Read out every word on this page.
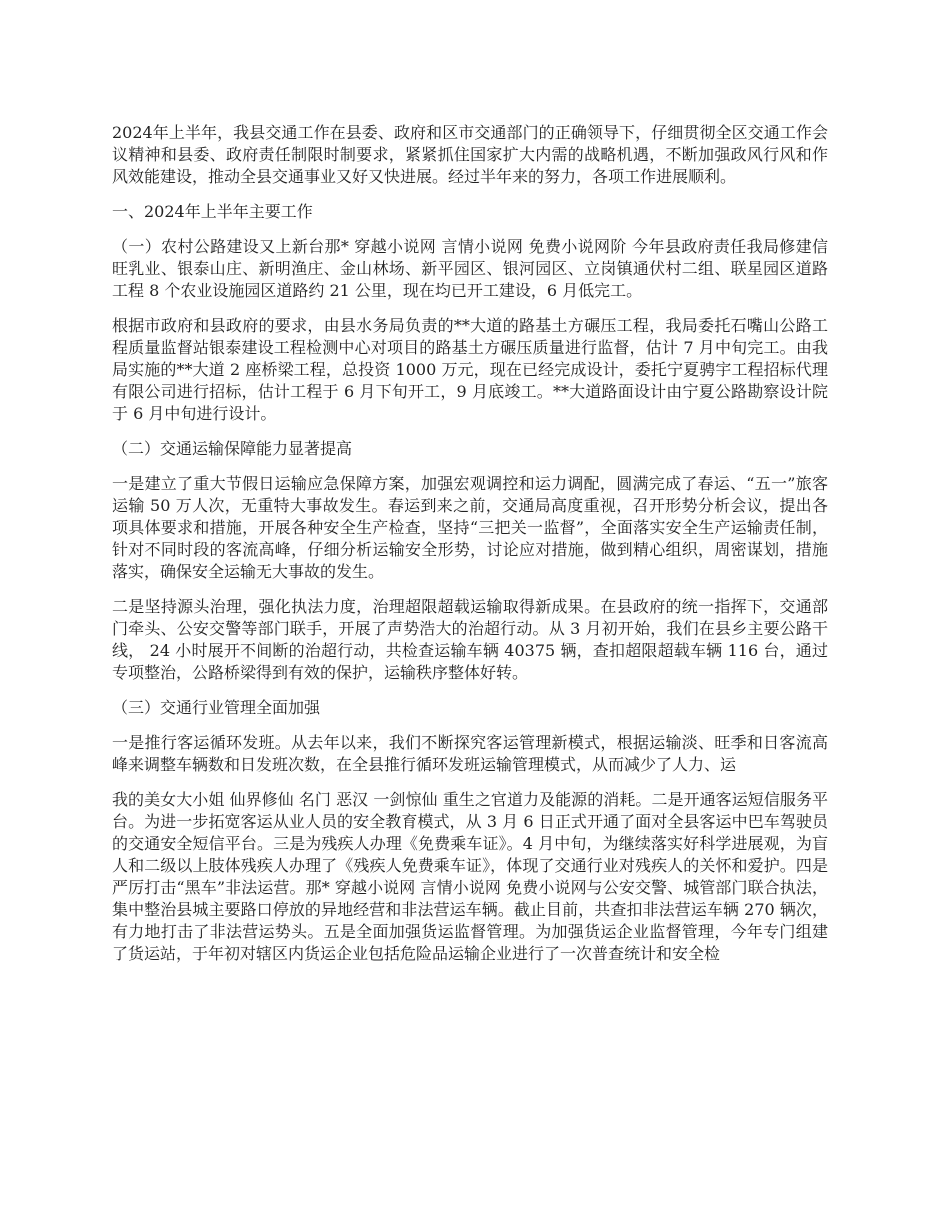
2024年上半年，我县交通工作在县委、政府和区市交通部门的正确领导下，仔细贯彻全区交通工作会议精神和县委、政府责任制限时制要求，紧紧抓住国家扩大内需的战略机遇，不断加强政风行风和作风效能建设，推动全县交通事业又好又快进展。经过半年来的努力，各项工作进展顺利。

一、2024年上半年主要工作

（一）农村公路建设又上新台那* 穿越小说网 言情小说网 免费小说网阶 今年县政府责任我局修建信旺乳业、银泰山庄、新明渔庄、金山林场、新平园区、银河园区、立岗镇通伏村二组、联星园区道路工程 8 个农业设施园区道路约 21 公里，现在均已开工建设，6 月低完工。

根据市政府和县政府的要求，由县水务局负责的**大道的路基土方碾压工程，我局委托石嘴山公路工程质量监督站银泰建设工程检测中心对项目的路基土方碾压质量进行监督，估计 7 月中旬完工。由我局实施的**大道 2 座桥梁工程，总投资 1000 万元，现在已经完成设计，委托宁夏骋宇工程招标代理有限公司进行招标，估计工程于 6 月下旬开工，9 月底竣工。**大道路面设计由宁夏公路勘察设计院于 6 月中旬进行设计。

（二）交通运输保障能力显著提高

一是建立了重大节假日运输应急保障方案，加强宏观调控和运力调配，圆满完成了春运、“五一”旅客运输 50 万人次，无重特大事故发生。春运到来之前，交通局高度重视，召开形势分析会议，提出各项具体要求和措施，开展各种安全生产检查，坚持“三把关一监督”，全面落实安全生产运输责任制，针对不同时段的客流高峰，仔细分析运输安全形势，讨论应对措施，做到精心组织，周密谋划，措施落实，确保安全运输无大事故的发生。

二是坚持源头治理，强化执法力度，治理超限超载运输取得新成果。在县政府的统一指挥下，交通部门牵头、公安交警等部门联手，开展了声势浩大的治超行动。从 3 月初开始，我们在县乡主要公路干线， 24 小时展开不间断的治超行动，共检查运输车辆 40375 辆，查扣超限超载车辆 116 台，通过专项整治，公路桥梁得到有效的保护，运输秩序整体好转。

（三）交通行业管理全面加强

一是推行客运循环发班。从去年以来，我们不断探究客运管理新模式，根据运输淡、旺季和日客流高峰来调整车辆数和日发班次数，在全县推行循环发班运输管理模式，从而减少了人力、运

我的美女大小姐 仙界修仙 名门 恶汉 一剑惊仙 重生之官道力及能源的消耗。二是开通客运短信服务平台。为进一步拓宽客运从业人员的安全教育模式，从 3 月 6 日正式开通了面对全县客运中巴车驾驶员的交通安全短信平台。三是为残疾人办理《免费乘车证》。4 月中旬，为继续落实好科学进展观，为盲人和二级以上肢体残疾人办理了《残疾人免费乘车证》，体现了交通行业对残疾人的关怀和爱护。四是严厉打击“黑车”非法运营。那* 穿越小说网 言情小说网 免费小说网与公安交警、城管部门联合执法，集中整治县城主要路口停放的异地经营和非法营运车辆。截止目前，共查扣非法营运车辆 270 辆次，有力地打击了非法营运势头。五是全面加强货运监督管理。为加强货运企业监督管理，今年专门组建了货运站，于年初对辖区内货运企业包括危险品运输企业进行了一次普查统计和安全检
